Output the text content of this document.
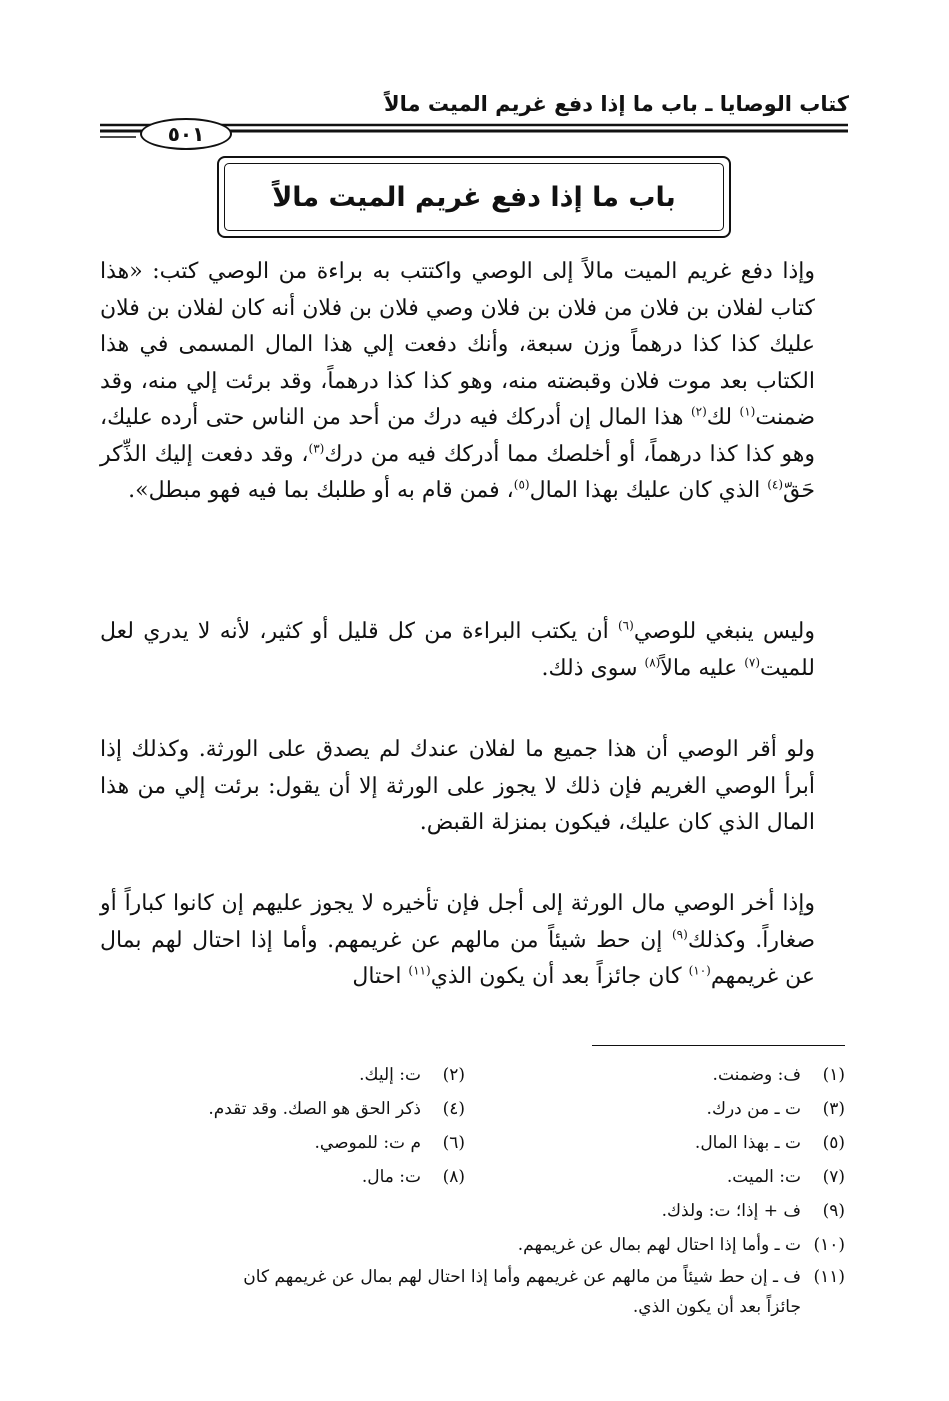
كتاب الوصايا ـ باب ما إذا دفع غريم الميت مالاً
٥٠١
باب ما إذا دفع غريم الميت مالاً

وإذا دفع غريم الميت مالاً إلى الوصي واكتتب به براءة من الوصي كتب: «هذا كتاب لفلان بن فلان من فلان بن فلان وصي فلان بن فلان أنه كان لفلان بن فلان عليك كذا كذا درهماً وزن سبعة، وأنك دفعت إلي هذا المال المسمى في هذا الكتاب بعد موت فلان وقبضته منه، وهو كذا كذا درهماً، وقد برئت إلي منه، وقد ضمنت$^{(١)}$ لك$^{(٢)}$ هذا المال إن أدركك فيه درك من أحد من الناس حتى أرده عليك، وهو كذا كذا درهماً، أو أخلصك مما أدركك فيه من درك$^{(٣)}$، وقد دفعت إليك الذِّكر حَقّ$^{(٤)}$ الذي كان عليك بهذا المال$^{(٥)}$، فمن قام به أو طلبك بما فيه فهو مبطل».

وليس ينبغي للوصي$^{(٦)}$ أن يكتب البراءة من كل قليل أو كثير، لأنه لا يدري لعل للميت$^{(٧)}$ عليه مالاً$^{(٨)}$ سوى ذلك.

ولو أقر الوصي أن هذا جميع ما لفلان عندك لم يصدق على الورثة. وكذلك إذا أبرأ الوصي الغريم فإن ذلك لا يجوز على الورثة إلا أن يقول: برئت إلي من هذا المال الذي كان عليك، فيكون بمنزلة القبض.

وإذا أخر الوصي مال الورثة إلى أجل فإن تأخيره لا يجوز عليهم إن كانوا كباراً أو صغاراً. وكذلك$^{(٩)}$ إن حط شيئاً من مالهم عن غريمهم. وأما إذا احتال لهم بمال عن غريمهم$^{(١٠)}$ كان جائزاً بعد أن يكون الذي$^{(١١)}$ احتال

(١)ف: وضمنت.
(٢)ت: إليك.
(٣)ت ـ من درك.
(٤)ذكر الحق هو الصك. وقد تقدم.
(٥)ت ـ بهذا المال.
(٦)م ت: للموصي.
(٧)ت: الميت.
(٨)ت: مال.
(٩)ف + إذا؛ ت: ولذك.
(١٠)ت ـ وأما إذا احتال لهم بمال عن غريمهم.
(١١)ف ـ إن حط شيئاً من مالهم عن غريمهم وأما إذا احتال لهم بمال عن غريمهم كان
جائزاً بعد أن يكون الذي.
